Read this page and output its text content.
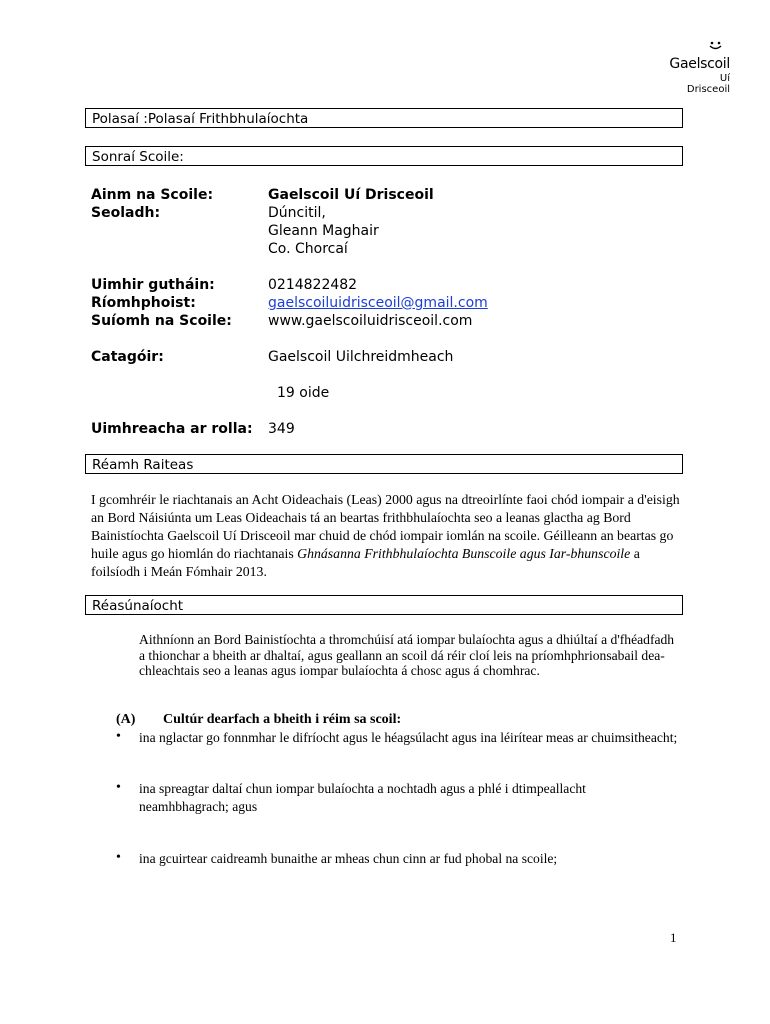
Gaelscoil
Uí Drisceoil
Polasaí :Polasaí Frithbhulaíochta
Sonraí Scoile:
Ainm na Scoile:	Gaelscoil Uí Drisceoil
Seoladh:	Dúncitil,
Gleann Maghair
Co. Chorcaí
Uimhir gutháin:	0214822482
Ríomhphoist:	gaelscoiluidrisceoil@gmail.com
Suíomh na Scoile:	www.gaelscoiluidrisceoil.com
Catagóir:	Gaelscoil Uilchreidmheach
19 oide
Uimhreacha ar rolla: 349
Réamh Raiteas
I gcomhréir le riachtanais an Acht Oideachais (Leas) 2000 agus na dtreoirlínte faoi chód iompair a d'eisigh an Bord Náisiúnta um Leas Oideachais tá an beartas frithbhulaíochta seo a leanas glactha ag Bord Bainistíochta Gaelscoil Uí Drisceoil mar chuid de chód iompair iomlán na scoile. Géilleann an beartas go huile agus go hiomlán do riachtanais Ghnásanna Frithbhulaíochta Bunscoile agus Iar-bhunscoile a foilsíodh i Meán Fómhair 2013.
Réasúnaíocht
Aithníonn an Bord Bainistíochta a thromchúisí atá iompar bulaíochta agus a dhiúltaí a d'fhéadfadh a thionchar a bheith ar dhaltaí, agus geallann an scoil dá réir cloí leis na príomhphrionsabail dea-chleachtais seo a leanas agus iompar bulaíochta á chosc agus á chomhrac.
(A) Cultúr dearfach a bheith i réim sa scoil:
• ina nglactar go fonnmhar le difríocht agus le héagsúlacht agus ina léirítear meas ar chuimsitheacht;
• ina spreagtar daltaí chun iompar bulaíochta a nochtadh agus a phlé i dtimpeallacht neamhbhagrach; agus
• ina gcuirtear caidreamh bunaithe ar mheas chun cinn ar fud phobal na scoile;
1
